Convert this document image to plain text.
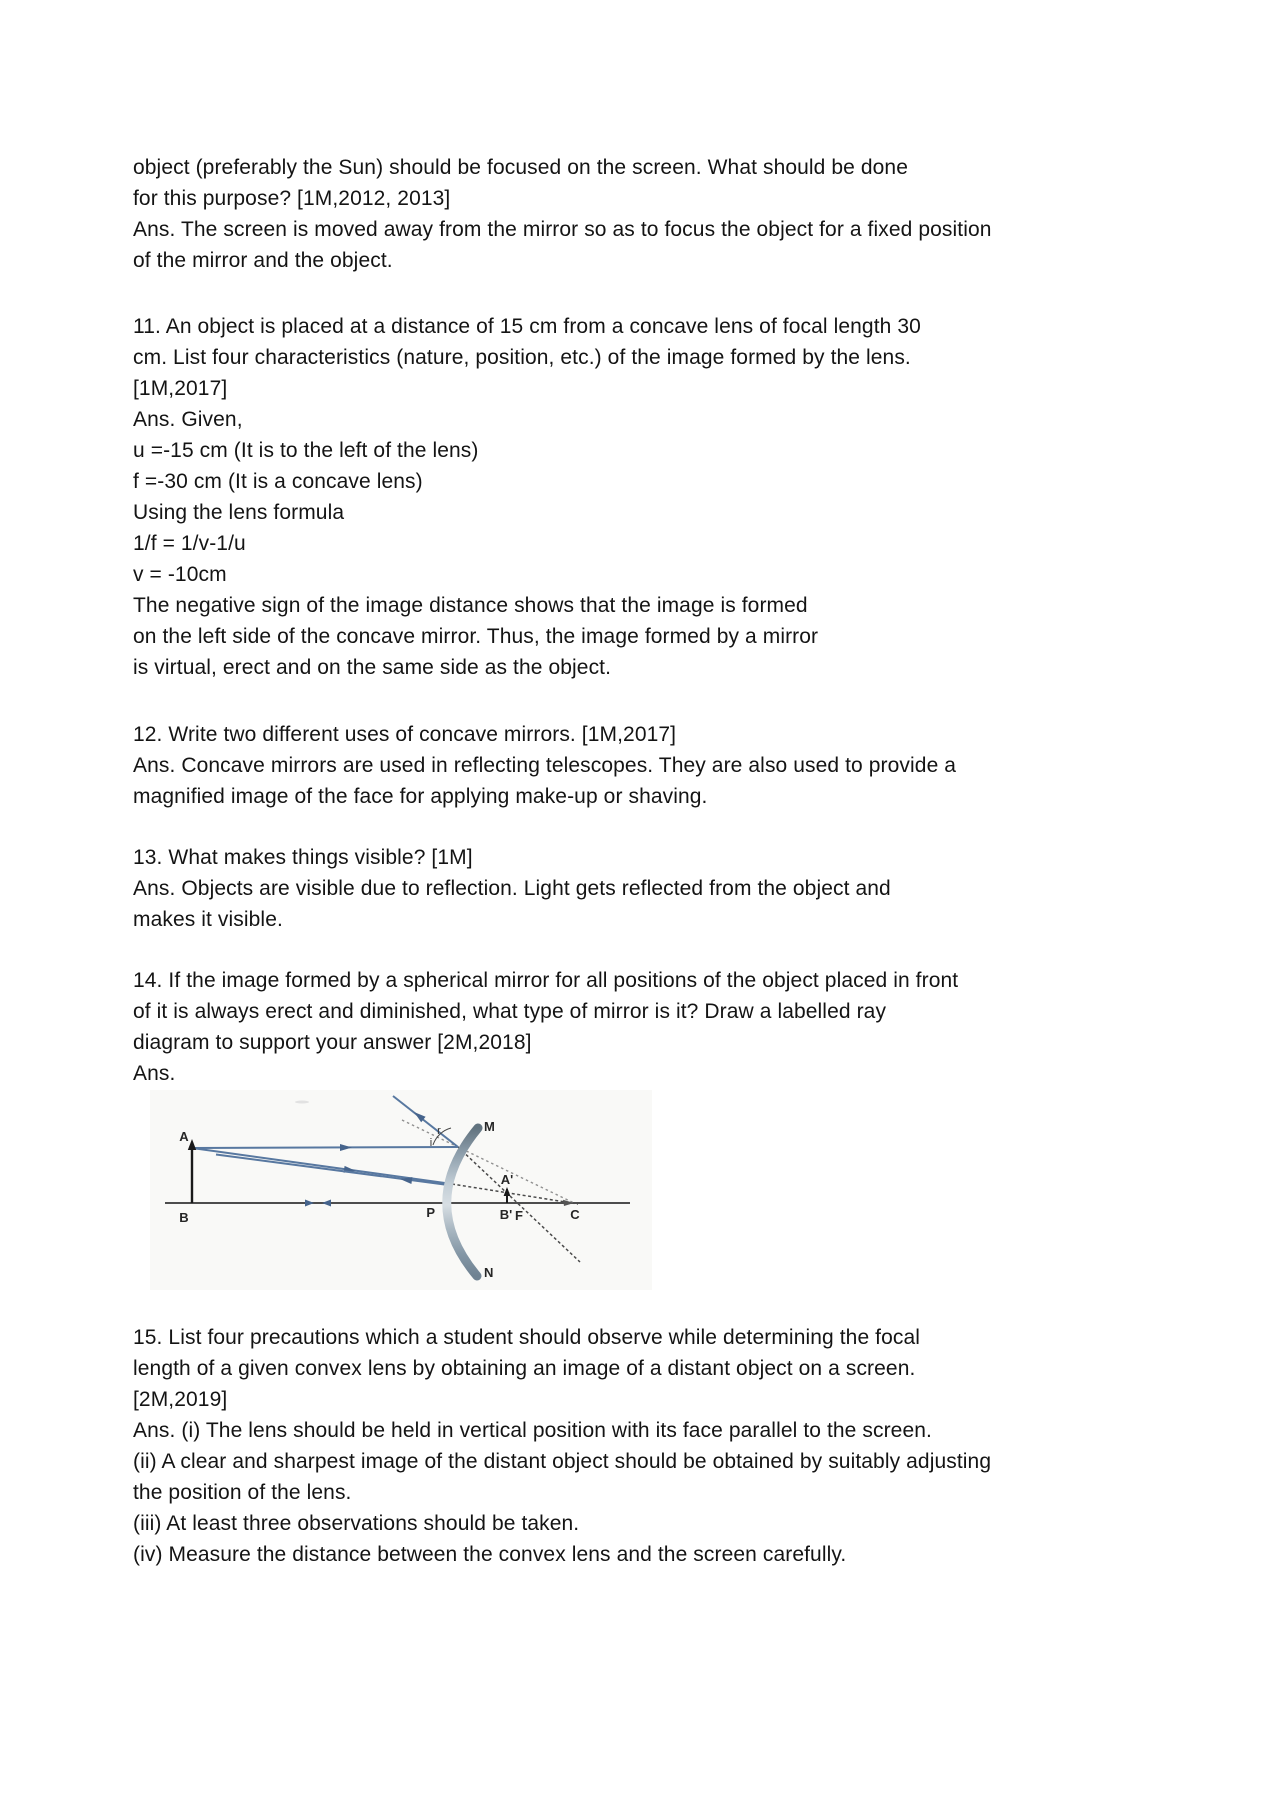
object (preferably the Sun) should be focused on the screen. What should be done
for this purpose? [1M,2012, 2013]
Ans. The screen is moved away from the mirror so as to focus the object for a fixed position
of the mirror and the object.
11. An object is placed at a distance of 15 cm from a concave lens of focal length 30
cm. List four characteristics (nature, position, etc.) of the image formed by the lens.
[1M,2017]
Ans. Given,
u =-15 cm (It is to the left of the lens)
f =-30 cm (It is a concave lens)
Using the lens formula
1/f = 1/v-1/u
v = -10cm
The negative sign of the image distance shows that the image is formed
on the left side of the concave mirror. Thus, the image formed by a mirror
is virtual, erect and on the same side as the object.
12. Write two different uses of concave mirrors. [1M,2017]
Ans. Concave mirrors are used in reflecting telescopes. They are also used to provide a
magnified image of the face for applying make-up or shaving.
13. What makes things visible? [1M]
Ans. Objects are visible due to reflection. Light gets reflected from the object and
makes it visible.
14. If the image formed by a spherical mirror for all positions of the object placed in front
of it is always erect and diminished, what type of mirror is it? Draw a labelled ray
diagram to support your answer [2M,2018]
Ans.
A
B
M
N
P
A'
B' F	C
r
i
15. List four precautions which a student should observe while determining the focal
length of a given convex lens by obtaining an image of a distant object on a screen.
[2M,2019]
Ans. (i) The lens should be held in vertical position with its face parallel to the screen.
(ii) A clear and sharpest image of the distant object should be obtained by suitably adjusting
the position of the lens.
(iii) At least three observations should be taken.
(iv) Measure the distance between the convex lens and the screen carefully.
